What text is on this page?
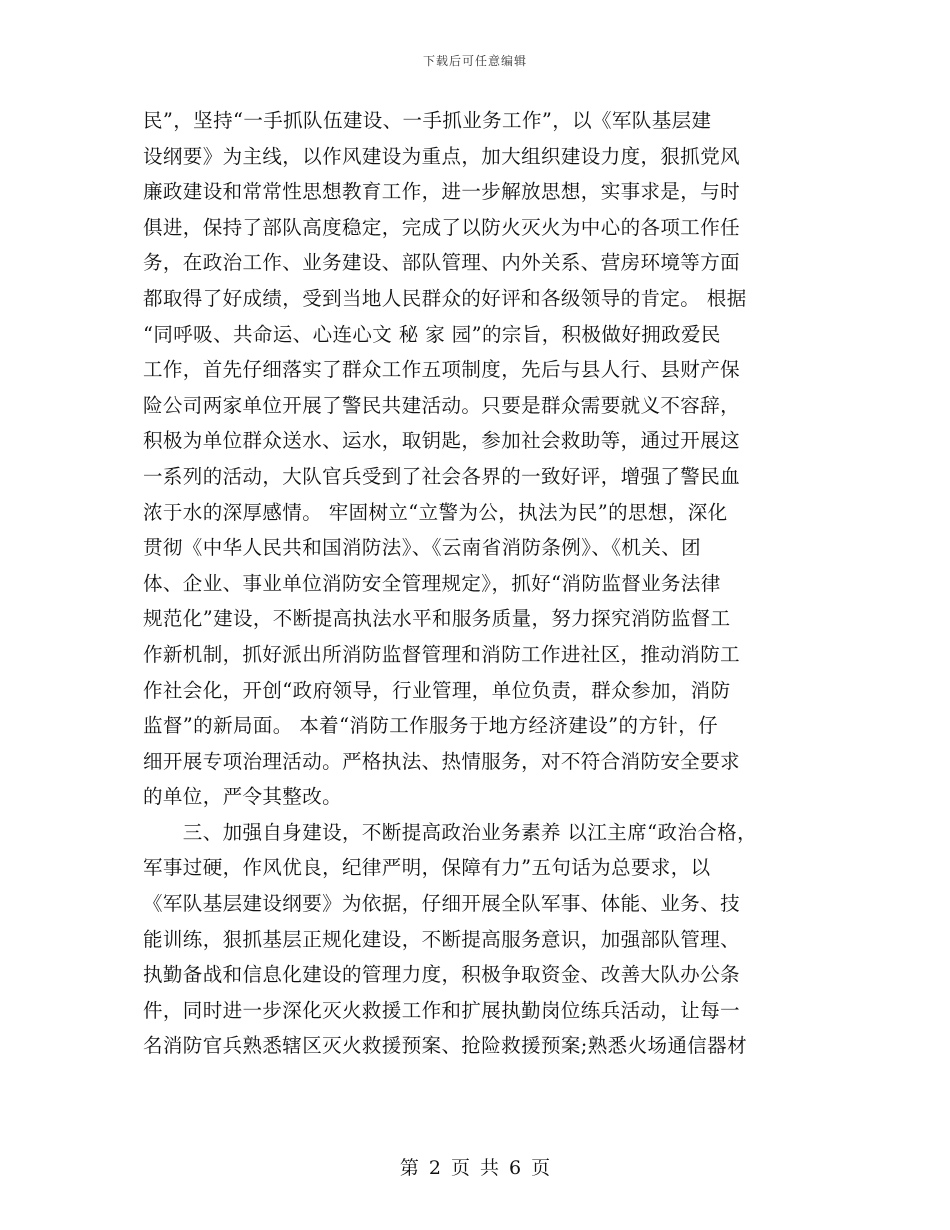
下载后可任意编辑
民”，坚持“一手抓队伍建设、一手抓业务工作”，以《军队基层建
设纲要》为主线，以作风建设为重点，加大组织建设力度，狠抓党风
廉政建设和常常性思想教育工作，进一步解放思想，实事求是，与时
俱进，保持了部队高度稳定，完成了以防火灭火为中心的各项工作任
务，在政治工作、业务建设、部队管理、内外关系、营房环境等方面
都取得了好成绩，受到当地人民群众的好评和各级领导的肯定。 根据
“同呼吸、共命运、心连心文 秘 家 园”的宗旨，积极做好拥政爱民
工作，首先仔细落实了群众工作五项制度，先后与县人行、县财产保
险公司两家单位开展了警民共建活动。只要是群众需要就义不容辞，
积极为单位群众送水、运水，取钥匙，参加社会救助等，通过开展这
一系列的活动，大队官兵受到了社会各界的一致好评，增强了警民血
浓于水的深厚感情。 牢固树立“立警为公，执法为民”的思想，深化
贯彻《中华人民共和国消防法》、《云南省消防条例》、《机关、团
体、企业、事业单位消防安全管理规定》，抓好“消防监督业务法律
规范化”建设，不断提高执法水平和服务质量，努力探究消防监督工
作新机制，抓好派出所消防监督管理和消防工作进社区，推动消防工
作社会化，开创“政府领导，行业管理，单位负责，群众参加，消防
监督”的新局面。 本着“消防工作服务于地方经济建设”的方针，仔
细开展专项治理活动。严格执法、热情服务，对不符合消防安全要求
的单位，严令其整改。
　　三、加强自身建设，不断提高政治业务素养 以江主席“政治合格，
军事过硬，作风优良，纪律严明，保障有力”五句话为总要求，以
《军队基层建设纲要》为依据，仔细开展全队军事、体能、业务、技
能训练，狠抓基层正规化建设，不断提高服务意识，加强部队管理、
执勤备战和信息化建设的管理力度，积极争取资金、改善大队办公条
件，同时进一步深化灭火救援工作和扩展执勤岗位练兵活动，让每一
名消防官兵熟悉辖区灭火救援预案、抢险救援预案;熟悉火场通信器材
第 2 页 共 6 页
